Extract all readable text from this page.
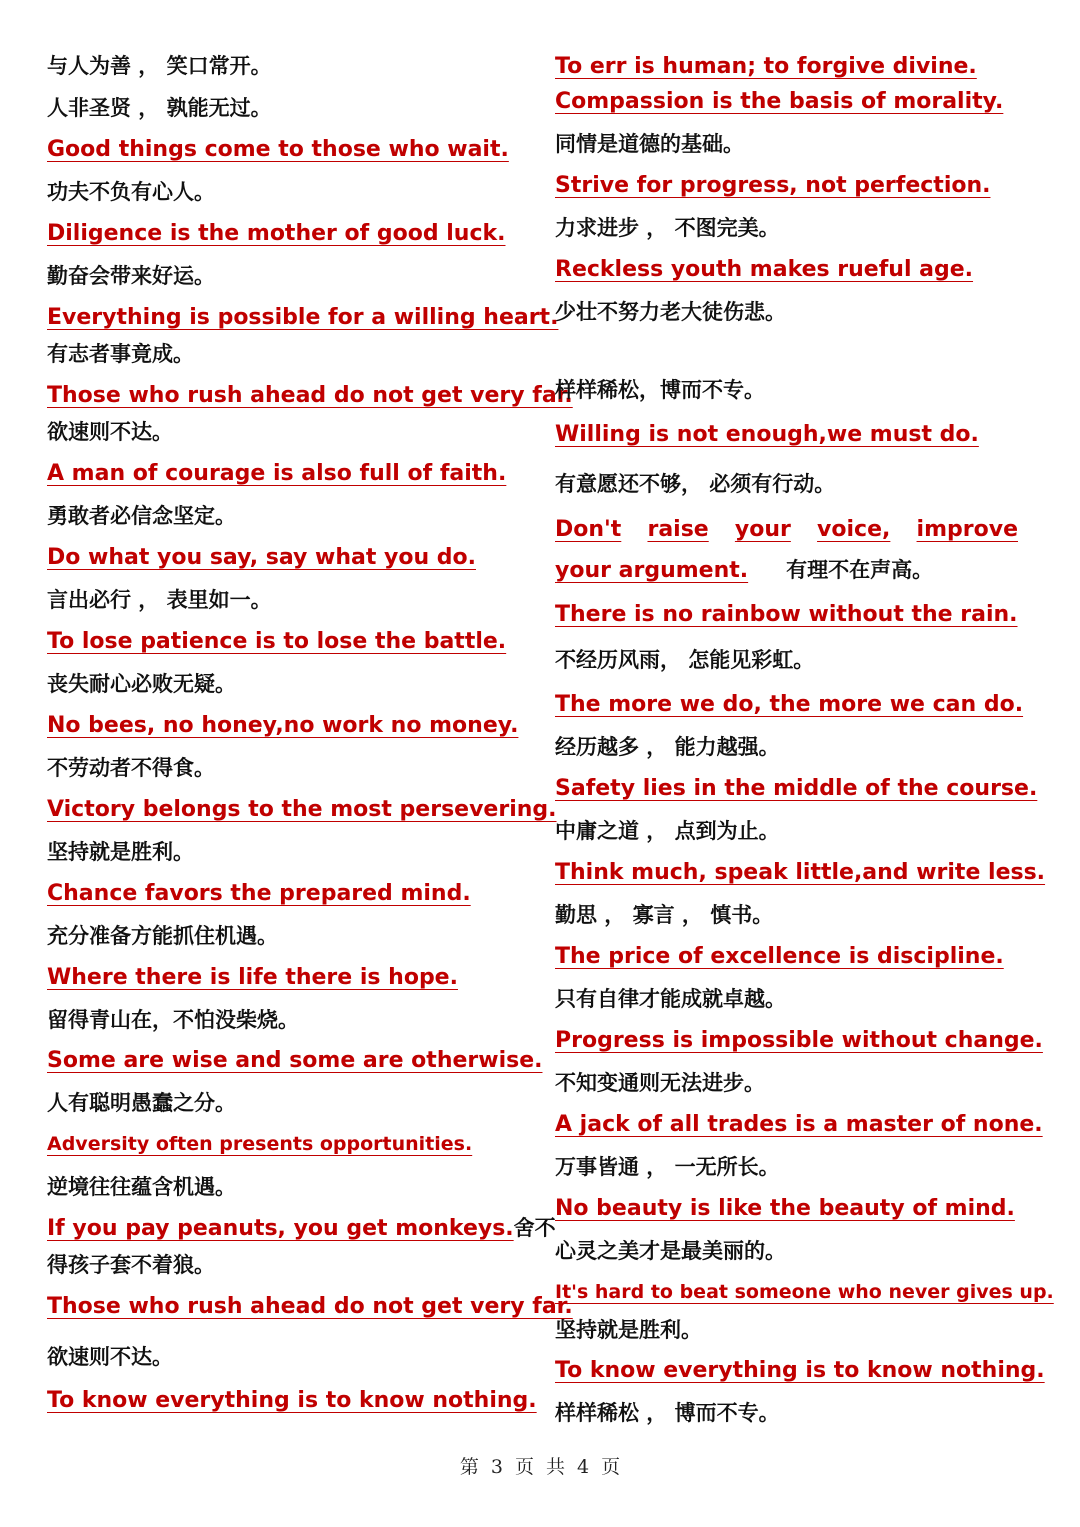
与人为善 ， 笑口常开。
人非圣贤 ， 孰能无过。
Good things come to those who wait.
功夫不负有心人。
Diligence is the mother of good luck.
勤奋会带来好运。
Everything is possible for a willing heart.
有志者事竟成。
Those who rush ahead do not get very far.
欲速则不达。
A man of courage is also full of faith.
勇敢者必信念坚定。
Do what you say, say what you do.
言出必行 ， 表里如一。
To lose patience is to lose the battle.
丧失耐心必败无疑。
No bees, no honey,no work no money.
不劳动者不得食。
Victory belongs to the most persevering.
坚持就是胜利。
Chance favors the prepared mind.
充分准备方能抓住机遇。
Where there is life there is hope.
留得青山在，不怕没柴烧。
Some are wise and some are otherwise.
人有聪明愚蠢之分。
Adversity often presents opportunities.
逆境往往蕴含机遇。
If you pay peanuts, you get monkeys.舍不
得孩子套不着狼。
Those who rush ahead do not get very far.
欲速则不达。
To know everything is to know nothing.
To err is human; to forgive divine.
Compassion is the basis of morality.
同情是道德的基础。
Strive for progress, not perfection.
力求进步 ， 不图完美。
Reckless youth makes rueful age.
少壮不努力老大徒伤悲。
样样稀松，博而不专。
Willing is not enough,we must do.
有意愿还不够， 必须有行动。
Don't raise your voice, improve
your argument. 有理不在声高。
There is no rainbow without the rain.
不经历风雨， 怎能见彩虹。
The more we do, the more we can do.
经历越多 ， 能力越强。
Safety lies in the middle of the course.
中庸之道 ， 点到为止。
Think much, speak little,and write less.
勤思 ， 寡言 ， 慎书。
The price of excellence is discipline.
只有自律才能成就卓越。
Progress is impossible without change.
不知变通则无法进步。
A jack of all trades is a master of none.
万事皆通 ， 一无所长。
No beauty is like the beauty of mind.
心灵之美才是最美丽的。
It's hard to beat someone who never gives up.
坚持就是胜利。
To know everything is to know nothing.
样样稀松 ， 博而不专。
第 3 页 共 4 页
